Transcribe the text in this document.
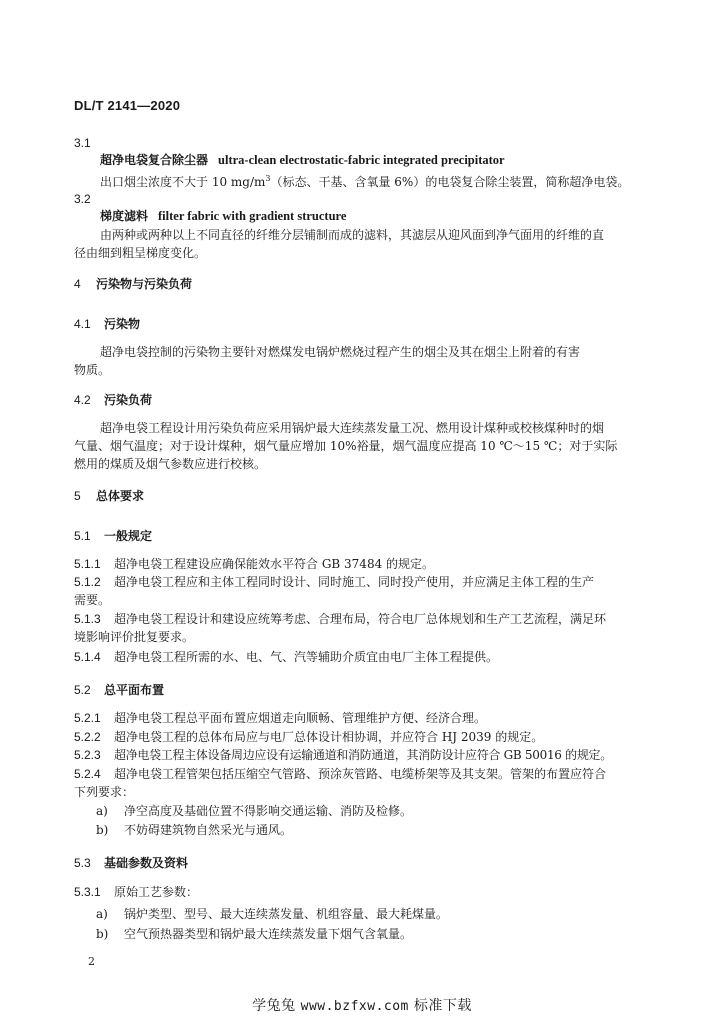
DL/T 2141—2020
3.1
超净电袋复合除尘器 ultra-clean electrostatic-fabric integrated precipitator
出口烟尘浓度不大于 10 $mg/m^3$（标态、干基、含氧量 6%）的电袋复合除尘装置，简称超净电袋。
3.2
梯度滤料 filter fabric with gradient structure
由两种或两种以上不同直径的纤维分层铺制而成的滤料，其滤层从迎风面到净气面用的纤维的直
径由细到粗呈梯度变化。
4 污染物与污染负荷
4.1 污染物
超净电袋控制的污染物主要针对燃煤发电锅炉燃烧过程产生的烟尘及其在烟尘上附着的有害
物质。
4.2 污染负荷
超净电袋工程设计用污染负荷应采用锅炉最大连续蒸发量工况、燃用设计煤种或校核煤种时的烟
气量、烟气温度；对于设计煤种，烟气量应增加 10%裕量，烟气温度应提高 10 ℃～15 ℃；对于实际
燃用的煤质及烟气参数应进行校核。
5 总体要求
5.1 一般规定
5.1.1 超净电袋工程建设应确保能效水平符合 GB 37484 的规定。
5.1.2 超净电袋工程应和主体工程同时设计、同时施工、同时投产使用，并应满足主体工程的生产
需要。
5.1.3 超净电袋工程设计和建设应统筹考虑、合理布局，符合电厂总体规划和生产工艺流程，满足环
境影响评价批复要求。
5.1.4 超净电袋工程所需的水、电、气、汽等辅助介质宜由电厂主体工程提供。
5.2 总平面布置
5.2.1 超净电袋工程总平面布置应烟道走向顺畅、管理维护方便、经济合理。
5.2.2 超净电袋工程的总体布局应与电厂总体设计相协调，并应符合 HJ 2039 的规定。
5.2.3 超净电袋工程主体设备周边应设有运输通道和消防通道，其消防设计应符合 GB 50016 的规定。
5.2.4 超净电袋工程管架包括压缩空气管路、预涂灰管路、电缆桥架等及其支架。管架的布置应符合
下列要求：
a) 净空高度及基础位置不得影响交通运输、消防及检修。
b) 不妨碍建筑物自然采光与通风。
5.3 基础参数及资料
5.3.1 原始工艺参数：
a) 锅炉类型、型号、最大连续蒸发量、机组容量、最大耗煤量。
b) 空气预热器类型和锅炉最大连续蒸发量下烟气含氧量。
2
学兔兔 www.bzfxw.com 标准下载
